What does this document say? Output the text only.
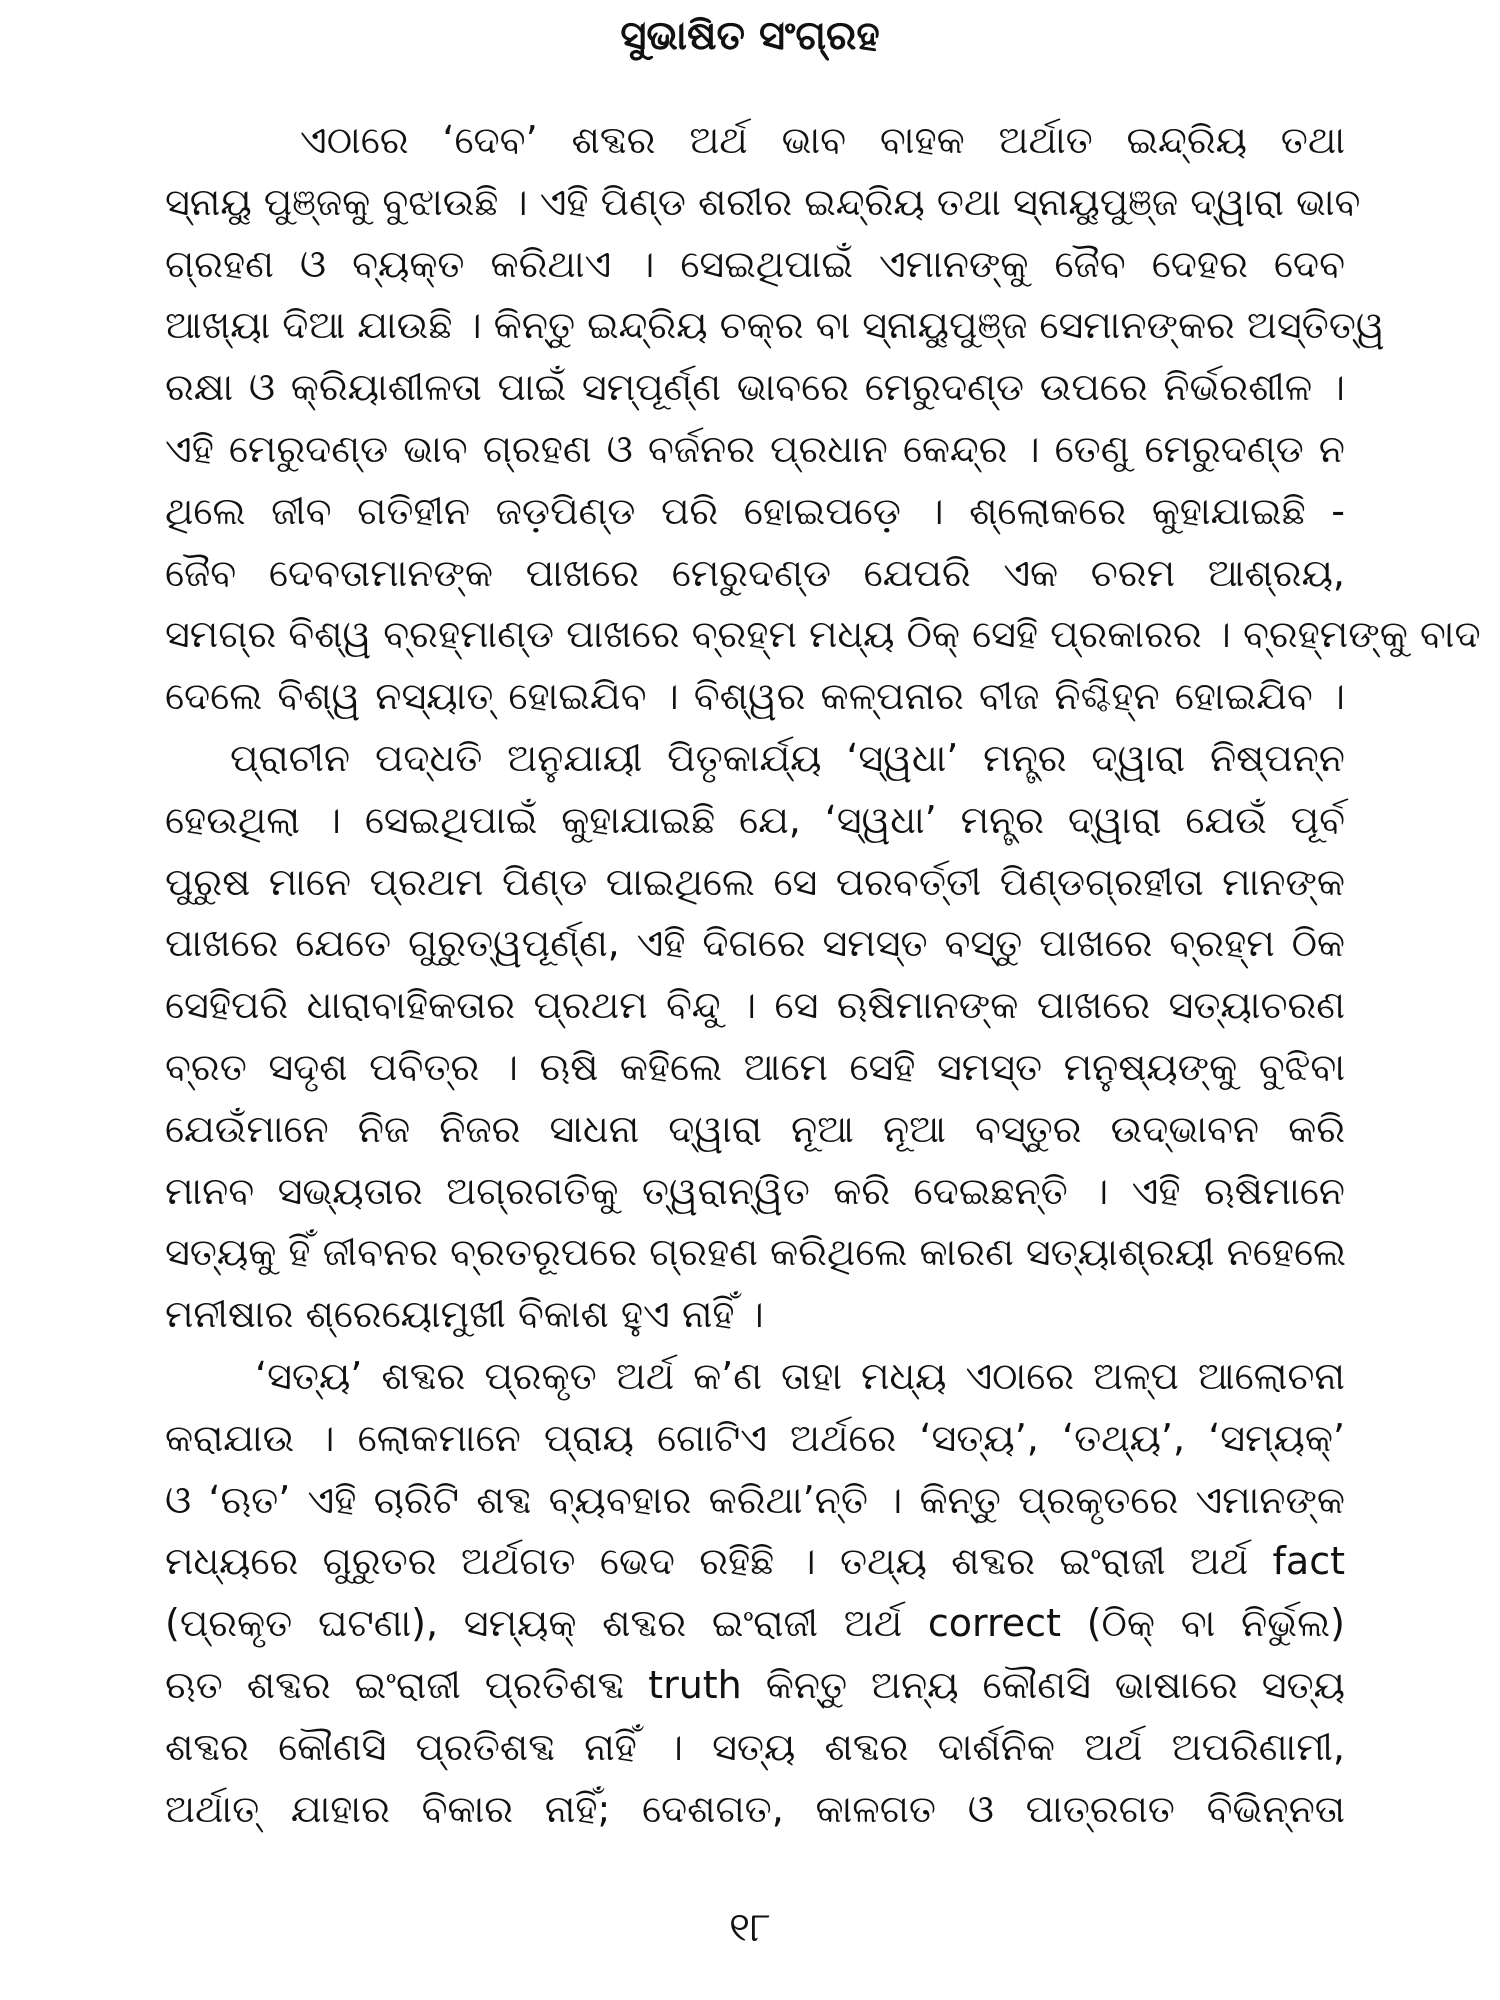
ସୁଭାଷିତ ସଂଗ୍ରହ
ଏଠାରେ ‘ଦେବ’ ଶବ୍ଦର ଅର୍ଥ ଭାବ ବାହକ ଅର୍ଥାତ ଇନ୍ଦ୍ରିୟ ତଥା
ସ୍ନାୟୁ ପୁଞ୍ଜକୁ ବୁଝାଉଛି । ଏହି ପିଣ୍ଡ ଶରୀର ଇନ୍ଦ୍ରିୟ ତଥା ସ୍ନାୟୁପୁଞ୍ଜ ଦ୍ୱାରା ଭାବ
ଗ୍ରହଣ ଓ ବ୍ୟକ୍ତ କରିଥାଏ । ସେଇଥିପାଇଁ ଏମାନଙ୍କୁ ଜୈବ ଦେହର ଦେବ
ଆଖ୍ୟା ଦିଆ ଯାଉଛି । କିନ୍ତୁ ଇନ୍ଦ୍ରିୟ ଚକ୍ର ବା ସ୍ନାୟୁପୁଞ୍ଜ ସେମାନଙ୍କର ଅସ୍ତିତ୍ୱ
ରକ୍ଷା ଓ କ୍ରିୟାଶୀଳତା ପାଇଁ ସମ୍ପୂର୍ଣ୍ଣ ଭାବରେ ମେରୁଦଣ୍ଡ ଉପରେ ନିର୍ଭରଶୀଳ ।
ଏହି ମେରୁଦଣ୍ଡ ଭାବ ଗ୍ରହଣ ଓ ବର୍ଜନର ପ୍ରଧାନ କେନ୍ଦ୍ର । ତେଣୁ ମେରୁଦଣ୍ଡ ନ
ଥିଲେ ଜୀବ ଗତିହୀନ ଜଡ଼ପିଣ୍ଡ ପରି ହୋଇପଡ଼େ । ଶ୍ଲୋକରେ କୁହାଯାଇଛି -
ଜୈବ ଦେବତାମାନଙ୍କ ପାଖରେ ମେରୁଦଣ୍ଡ ଯେପରି ଏକ ଚରମ ଆଶ୍ରୟ,
ସମଗ୍ର ବିଶ୍ୱ ବ୍ରହ୍ମାଣ୍ଡ ପାଖରେ ବ୍ରହ୍ମ ମଧ୍ୟ ଠିକ୍ ସେହି ପ୍ରକାରର । ବ୍ରହ୍ମଙ୍କୁ ବାଦ
ଦେଲେ ବିଶ୍ୱ ନସ୍ୟାତ୍ ହୋଇଯିବ । ବିଶ୍ୱର କଳ୍ପନାର ବୀଜ ନିଶ୍ଚିହ୍ନ ହୋଇଯିବ ।
ପ୍ରାଚୀନ ପଦ୍ଧତି ଅନୁଯାୟୀ ପିତୃକାର୍ଯ୍ୟ ‘ସ୍ୱଧା’ ମନ୍ତ୍ର ଦ୍ୱାରା ନିଷ୍ପନ୍ନ
ହେଉଥିଲା । ସେଇଥିପାଇଁ କୁହାଯାଇଛି ଯେ, ‘ସ୍ୱଧା’ ମନ୍ତ୍ର ଦ୍ୱାରା ଯେଉଁ ପୂର୍ବ
ପୁରୁଷ ମାନେ ପ୍ରଥମ ପିଣ୍ଡ ପାଇଥିଲେ ସେ ପରବର୍ତ୍ତୀ ପିଣ୍ଡଗ୍ରହୀତା ମାନଙ୍କ
ପାଖରେ ଯେତେ ଗୁରୁତ୍ୱପୂର୍ଣ୍ଣ, ଏହି ଦିଗରେ ସମସ୍ତ ବସ୍ତୁ ପାଖରେ ବ୍ରହ୍ମ ଠିକ
ସେହିପରି ଧାରାବାହିକତାର ପ୍ରଥମ ବିନ୍ଦୁ । ସେ ଋଷିମାନଙ୍କ ପାଖରେ ସତ୍ୟାଚରଣ
ବ୍ରତ ସଦୃଶ ପବିତ୍ର । ଋଷି କହିଲେ ଆମେ ସେହି ସମସ୍ତ ମନୁଷ୍ୟଙ୍କୁ ବୁଝିବା
ଯେଉଁମାନେ ନିଜ ନିଜର ସାଧନା ଦ୍ୱାରା ନୂଆ ନୂଆ ବସ୍ତୁର ଉଦ୍ଭାବନ କରି
ମାନବ ସଭ୍ୟତାର ଅଗ୍ରଗତିକୁ ତ୍ୱରାନ୍ୱିତ କରି ଦେଇଛନ୍ତି । ଏହି ଋଷିମାନେ
ସତ୍ୟକୁ ହିଁ ଜୀବନର ବ୍ରତରୂପରେ ଗ୍ରହଣ କରିଥିଲେ କାରଣ ସତ୍ୟାଶ୍ରୟୀ ନହେଲେ
ମନୀଷାର ଶ୍ରେୟୋମୁଖୀ ବିକାଶ ହୁଏ ନାହିଁ ।
‘ସତ୍ୟ’ ଶବ୍ଦର ପ୍ରକୃତ ଅର୍ଥ କ’ଣ ତାହା ମଧ୍ୟ ଏଠାରେ ଅଳ୍ପ ଆଲୋଚନା
କରାଯାଉ । ଲୋକମାନେ ପ୍ରାୟ ଗୋଟିଏ ଅର୍ଥରେ ‘ସତ୍ୟ’, ‘ତଥ୍ୟ’, ‘ସମ୍ୟକ୍’
ଓ ‘ଋତ’ ଏହି ଚାରିଟି ଶବ୍ଦ ବ୍ୟବହାର କରିଥା’ନ୍ତି । କିନ୍ତୁ ପ୍ରକୃତରେ ଏମାନଙ୍କ
ମଧ୍ୟରେ ଗୁରୁତର ଅର୍ଥଗତ ଭେଦ ରହିଛି । ତଥ୍ୟ ଶବ୍ଦର ଇଂରାଜୀ ଅର୍ଥ fact
(ପ୍ରକୃତ ଘଟଣା), ସମ୍ୟକ୍ ଶବ୍ଦର ଇଂରାଜୀ ଅର୍ଥ correct (ଠିକ୍ ବା ନିର୍ଭୁଲ)
ଋତ ଶବ୍ଦର ଇଂରାଜୀ ପ୍ରତିଶବ୍ଦ truth କିନ୍ତୁ ଅନ୍ୟ କୌଣସି ଭାଷାରେ ସତ୍ୟ
ଶବ୍ଦର କୌଣସି ପ୍ରତିଶବ୍ଦ ନାହିଁ । ସତ୍ୟ ଶବ୍ଦର ଦାର୍ଶନିକ ଅର୍ଥ ଅପରିଣାମୀ,
ଅର୍ଥାତ୍ ଯାହାର ବିକାର ନାହିଁ; ଦେଶଗତ, କାଳଗତ ଓ ପାତ୍ରଗତ ବିଭିନ୍ନତା
୧୮
